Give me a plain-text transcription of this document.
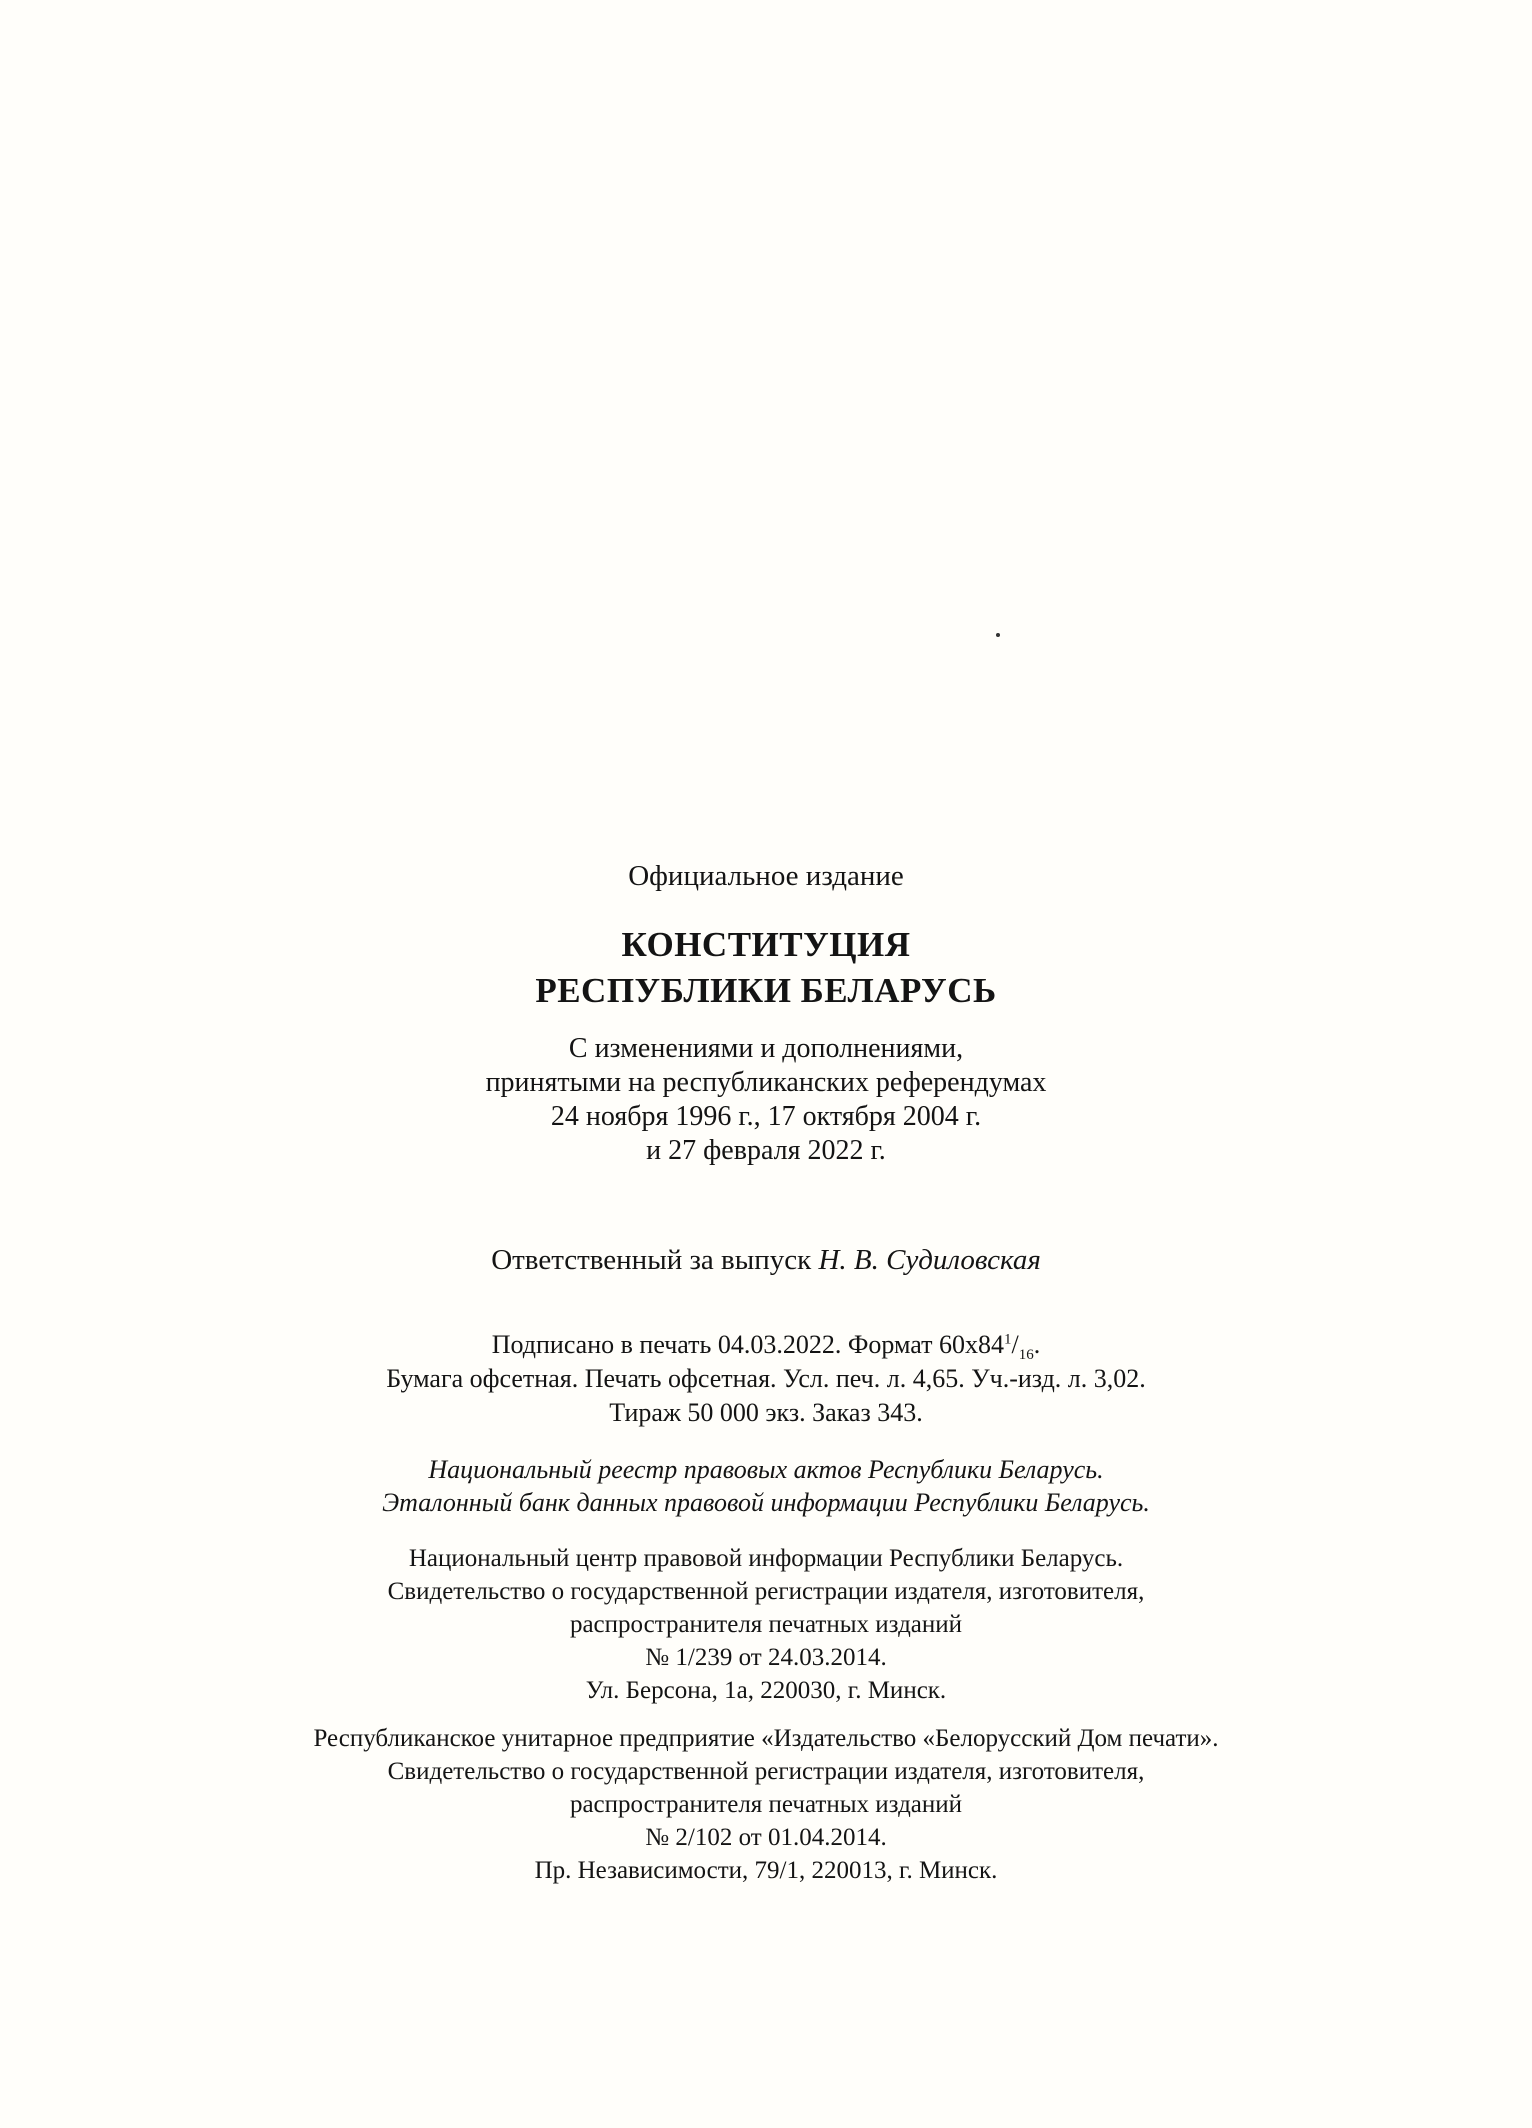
Официальное издание
КОНСТИТУЦИЯ
РЕСПУБЛИКИ БЕЛАРУСЬ
С изменениями и дополнениями,
принятыми на республиканских референдумах
24 ноября 1996 г., 17 октября 2004 г.
и 27 февраля 2022 г.
Ответственный за выпуск Н. В. Судиловская
Подписано в печать 04.03.2022. Формат $60x84^1/_{16}$.
Бумага офсетная. Печать офсетная. Усл. печ. л. 4,65. Уч.-изд. л. 3,02.
Тираж 50 000 экз. Заказ 343.
Национальный реестр правовых актов Республики Беларусь.
Эталонный банк данных правовой информации Республики Беларусь.
Национальный центр правовой информации Республики Беларусь.
Свидетельство о государственной регистрации издателя, изготовителя,
распространителя печатных изданий
№ 1/239 от 24.03.2014.
Ул. Берсона, 1а, 220030, г. Минск.
Республиканское унитарное предприятие «Издательство «Белорусский Дом печати».
Свидетельство о государственной регистрации издателя, изготовителя,
распространителя печатных изданий
№ 2/102 от 01.04.2014.
Пр. Независимости, 79/1, 220013, г. Минск.
